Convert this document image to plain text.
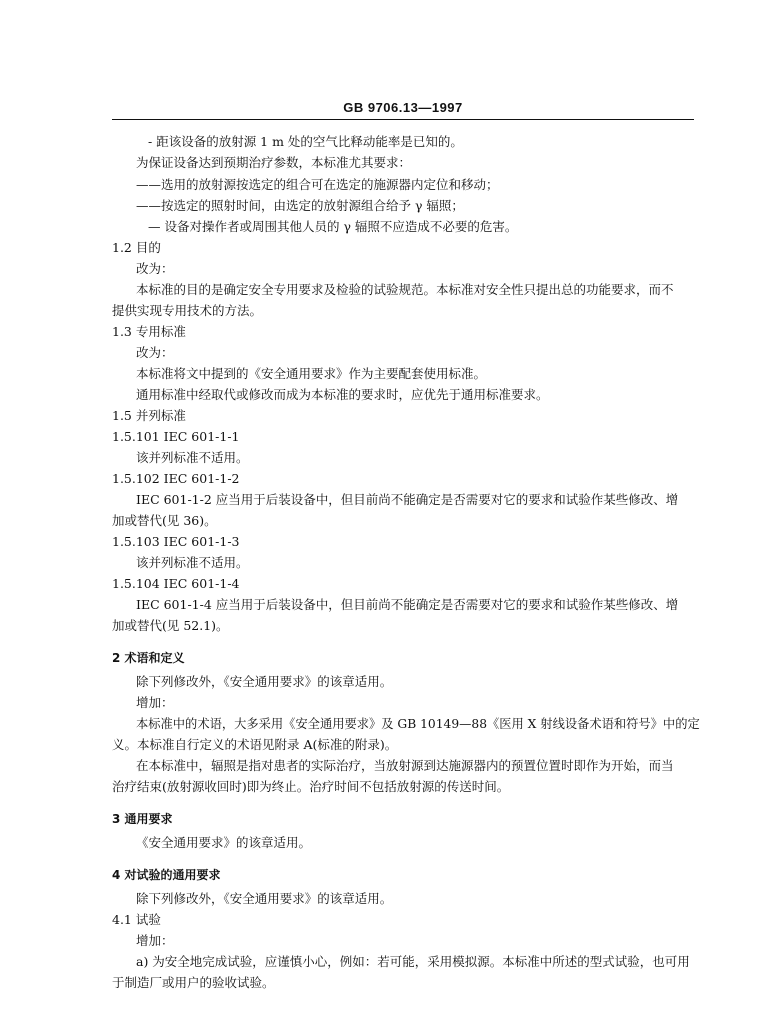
GB 9706.13—1997
- 距该设备的放射源 1 m 处的空气比释动能率是已知的。
为保证设备达到预期治疗参数，本标准尤其要求：
——选用的放射源按选定的组合可在选定的施源器内定位和移动；
——按选定的照射时间，由选定的放射源组合给予 γ 辐照；
— 设备对操作者或周围其他人员的 γ 辐照不应造成不必要的危害。
1.2 目的
改为：
本标准的目的是确定安全专用要求及检验的试验规范。本标准对安全性只提出总的功能要求，而不
提供实现专用技术的方法。
1.3 专用标准
改为：
本标准将文中提到的《安全通用要求》作为主要配套使用标准。
通用标准中经取代或修改而成为本标准的要求时，应优先于通用标准要求。
1.5 并列标准
1.5.101 IEC 601-1-1
该并列标准不适用。
1.5.102 IEC 601-1-2
IEC 601-1-2 应当用于后装设备中，但目前尚不能确定是否需要对它的要求和试验作某些修改、增
加或替代(见 36)。
1.5.103 IEC 601-1-3
该并列标准不适用。
1.5.104 IEC 601-1-4
IEC 601-1-4 应当用于后装设备中，但目前尚不能确定是否需要对它的要求和试验作某些修改、增
加或替代(见 52.1)。
2 术语和定义
除下列修改外，《安全通用要求》的该章适用。
增加：
本标准中的术语，大多采用《安全通用要求》及 GB 10149—88《医用 X 射线设备术语和符号》中的定
义。本标准自行定义的术语见附录 A(标准的附录)。
在本标准中，辐照是指对患者的实际治疗，当放射源到达施源器内的预置位置时即作为开始，而当
治疗结束(放射源收回时)即为终止。治疗时间不包括放射源的传送时间。
3 通用要求
《安全通用要求》的该章适用。
4 对试验的通用要求
除下列修改外，《安全通用要求》的该章适用。
4.1 试验
增加：
a) 为安全地完成试验，应谨慎小心，例如：若可能，采用模拟源。本标准中所述的型式试验，也可用
于制造厂或用户的验收试验。
